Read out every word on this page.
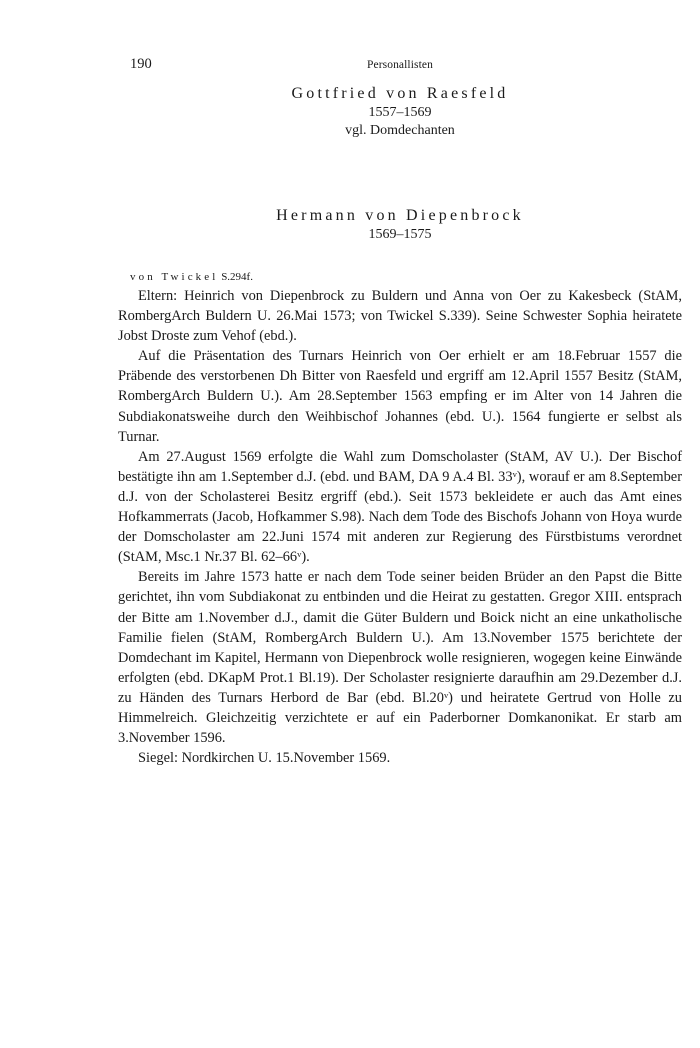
190	Personallisten
Gottfried von Raesfeld
1557–1569
vgl. Domdechanten
Hermann von Diepenbrock
1569–1575
von Twickel S.294f.

Eltern: Heinrich von Diepenbrock zu Buldern und Anna von Oer zu Kakesbeck (StAM, RombergArch Buldern U. 26.Mai 1573; von Twickel S.339). Seine Schwester Sophia heiratete Jobst Droste zum Vehof (ebd.).

Auf die Präsentation des Turnars Heinrich von Oer erhielt er am 18.Februar 1557 die Präbende des verstorbenen Dh Bitter von Raesfeld und ergriff am 12.April 1557 Besitz (StAM, RombergArch Buldern U.). Am 28.September 1563 empfing er im Alter von 14 Jahren die Subdiakonatsweihe durch den Weihbischof Johannes (ebd. U.). 1564 fungierte er selbst als Turnar.

Am 27.August 1569 erfolgte die Wahl zum Domscholaster (StAM, AV U.). Der Bischof bestätigte ihn am 1.September d.J. (ebd. und BAM, DA 9 A.4 Bl. 33ᵛ), worauf er am 8.September d.J. von der Scholasterei Besitz ergriff (ebd.). Seit 1573 bekleidete er auch das Amt eines Hofkammerrats (Jacob, Hofkammer S.98). Nach dem Tode des Bischofs Johann von Hoya wurde der Domscholaster am 22.Juni 1574 mit anderen zur Regierung des Fürstbistums verordnet (StAM, Msc.1 Nr.37 Bl. 62–66ᵛ).

Bereits im Jahre 1573 hatte er nach dem Tode seiner beiden Brüder an den Papst die Bitte gerichtet, ihn vom Subdiakonat zu entbinden und die Heirat zu gestatten. Gregor XIII. entsprach der Bitte am 1.November d.J., damit die Güter Buldern und Boick nicht an eine unkatholische Familie fielen (StAM, RombergArch Buldern U.). Am 13.November 1575 berichtete der Domdechant im Kapitel, Hermann von Diepenbrock wolle resignieren, wogegen keine Einwände erfolgten (ebd. DKapM Prot.1 Bl.19). Der Scholaster resignierte daraufhin am 29.Dezember d.J. zu Händen des Turnars Herbord de Bar (ebd. Bl.20ᵛ) und heiratete Gertrud von Holle zu Himmelreich. Gleichzeitig verzichtete er auf ein Paderborner Domkanonikat. Er starb am 3.November 1596.

Siegel: Nordkirchen U. 15.November 1569.
